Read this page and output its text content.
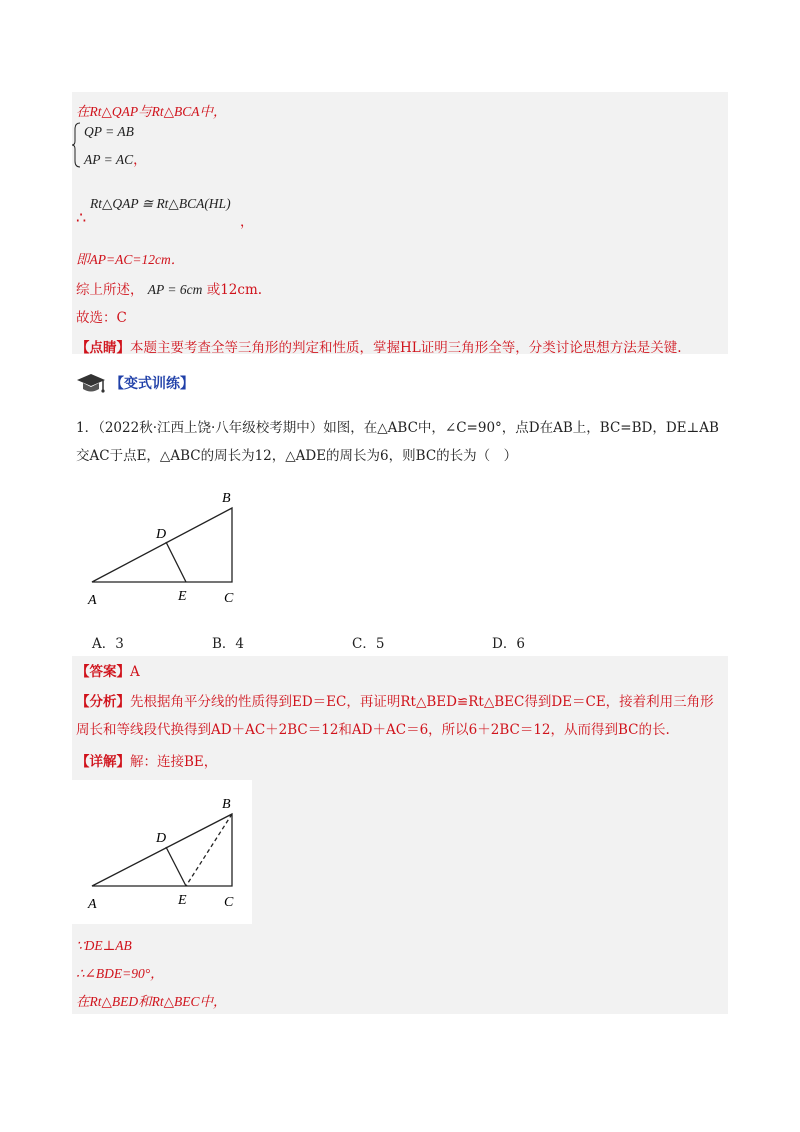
在Rt△QAP与Rt△BCA中，
QP = AB
AP = AC，
∴
Rt△QAP ≅ Rt△BCA(HL)
，
即AP=AC=12cm．
综上所述， AP = 6cm 或12cm.
故选：C
【点睛】本题主要考查全等三角形的判定和性质，掌握HL证明三角形全等，分类讨论思想方法是关键.
【变式训练】
1．（2022秋·江西上饶·八年级校考期中）如图，在△ABC中，∠C=90°，点D在AB上，BC=BD，DE⊥AB
交AC于点E，△ABC的周长为12，△ADE的周长为6，则BC的长为（　）
B
D
A	E	C
A．3	B．4	C．5	D．6
【答案】A
【分析】先根据角平分线的性质得到ED＝EC，再证明Rt△BED≌Rt△BEC得到DE＝CE，接着利用三角形
周长和等线段代换得到AD＋AC＋2BC＝12和AD＋AC＝6，所以6＋2BC＝12，从而得到BC的长.
【详解】解：连接BE，
B
D
A	E	C
∵DE⊥AB
∴∠BDE=90°，
在Rt△BED和Rt△BEC中，
